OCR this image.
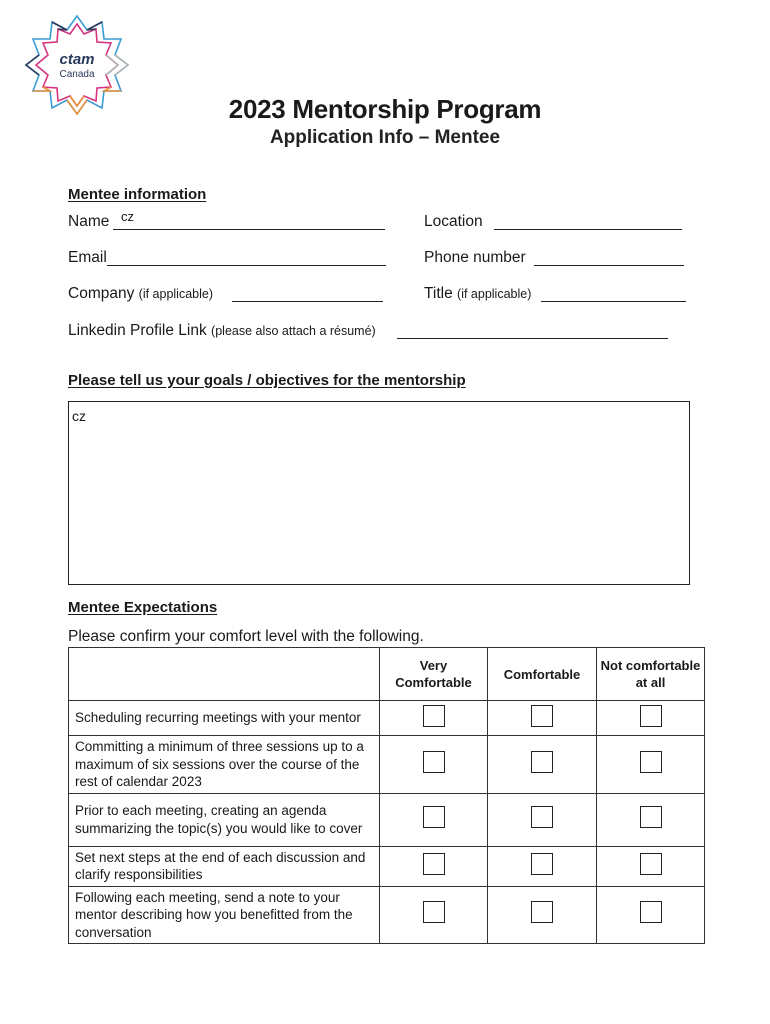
ctam
Canada
2023 Mentorship Program
Application Info – Mentee
Mentee information
Name cz	Location
Email	Phone number
Company (if applicable)	Title (if applicable)
Linkedin Profile Link (please also attach a résumé)
Please tell us your goals / objectives for the mentorship
cz
Mentee Expectations
Please confirm your comfort level with the following.
	Very Comfortable	Comfortable	Not comfortable at all
Scheduling recurring meetings with your mentor			
Committing a minimum of three sessions up to a maximum of six sessions over the course of the rest of calendar 2023			
Prior to each meeting, creating an agenda summarizing the topic(s) you would like to cover			
Set next steps at the end of each discussion and clarify responsibilities			
Following each meeting, send a note to your mentor describing how you benefitted from the conversation			
